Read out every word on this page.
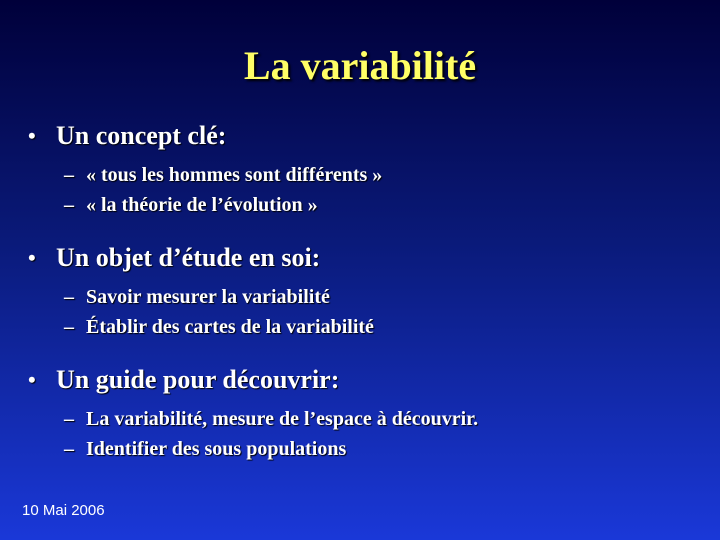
La variabilité
• Un concept clé:
– « tous les hommes sont différents »
– « la théorie de l’évolution »
• Un objet d’étude en soi:
– Savoir mesurer la variabilité
– Établir des cartes de la variabilité
• Un guide pour découvrir:
– La variabilité, mesure de l’espace à découvrir.
– Identifier des sous populations
10 Mai 2006
